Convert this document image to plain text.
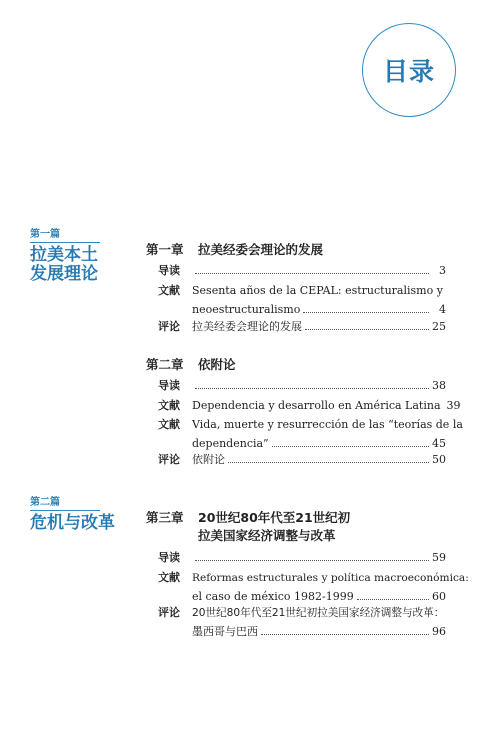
目录
第一篇
拉美本土
发展理论
第一章	拉美经委会理论的发展
导读	3
文献 Sesenta años de la CEPAL: estructuralismo y
neoestructuralismo	4
评论 拉美经委会理论的发展	25
第二章	依附论
导读	38
文献 Dependencia y desarrollo en América Latina 39
文献 Vida, muerte y resurrección de las “teorías de la
dependencia”	45
评论 依附论	50
第二篇
危机与改革 第三章	20世纪80年代至21世纪初
拉美国家经济调整与改革
导读	59
文献 Reformas estructurales y política macroeconómica:
el caso de méxico 1982-1999	60
评论 20世纪80年代至21世纪初拉美国家经济调整与改革：
墨西哥与巴西	96
